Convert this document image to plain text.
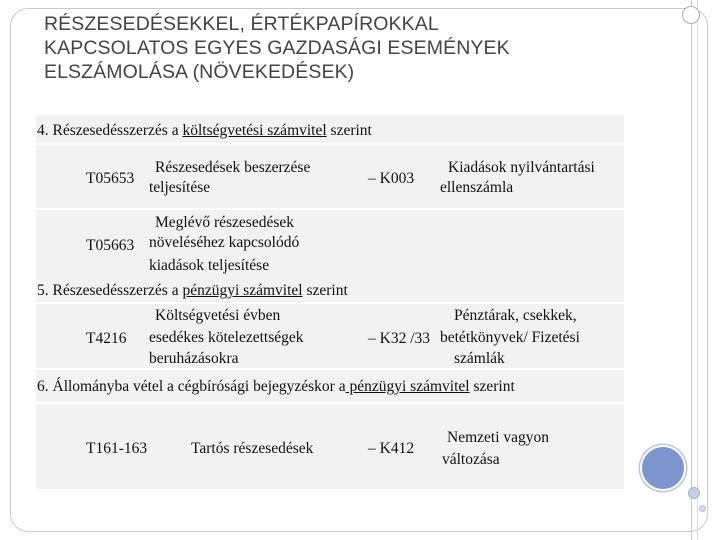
RÉSZESEDÉSEKKEL, ÉRTÉKPAPÍROKKAL
KAPCSOLATOS EGYES GAZDASÁGI ESEMÉNYEK
ELSZÁMOLÁSA (NÖVEKEDÉSEK)
4. Részesedésszerzés a költségvetési számvitel szerint
T05653
Részesedések beszerzése
teljesítése
– K003
Kiadások nyilvántartási
ellenszámla
T05663
Meglévő részesedések
növeléséhez kapcsolódó
kiadások teljesítése
5. Részesedésszerzés a pénzügyi számvitel szerint
T4216
Költségvetési évben
esedékes kötelezettségek
beruházásokra
– K32 /33
Pénztárak, csekkek,
betétkönyvek/ Fizetési
számlák
6. Állományba vétel a cégbírósági bejegyzéskor a pénzügyi számvitel szerint
T161-163	Tartós részesedések	– K412
Nemzeti vagyon
változása
